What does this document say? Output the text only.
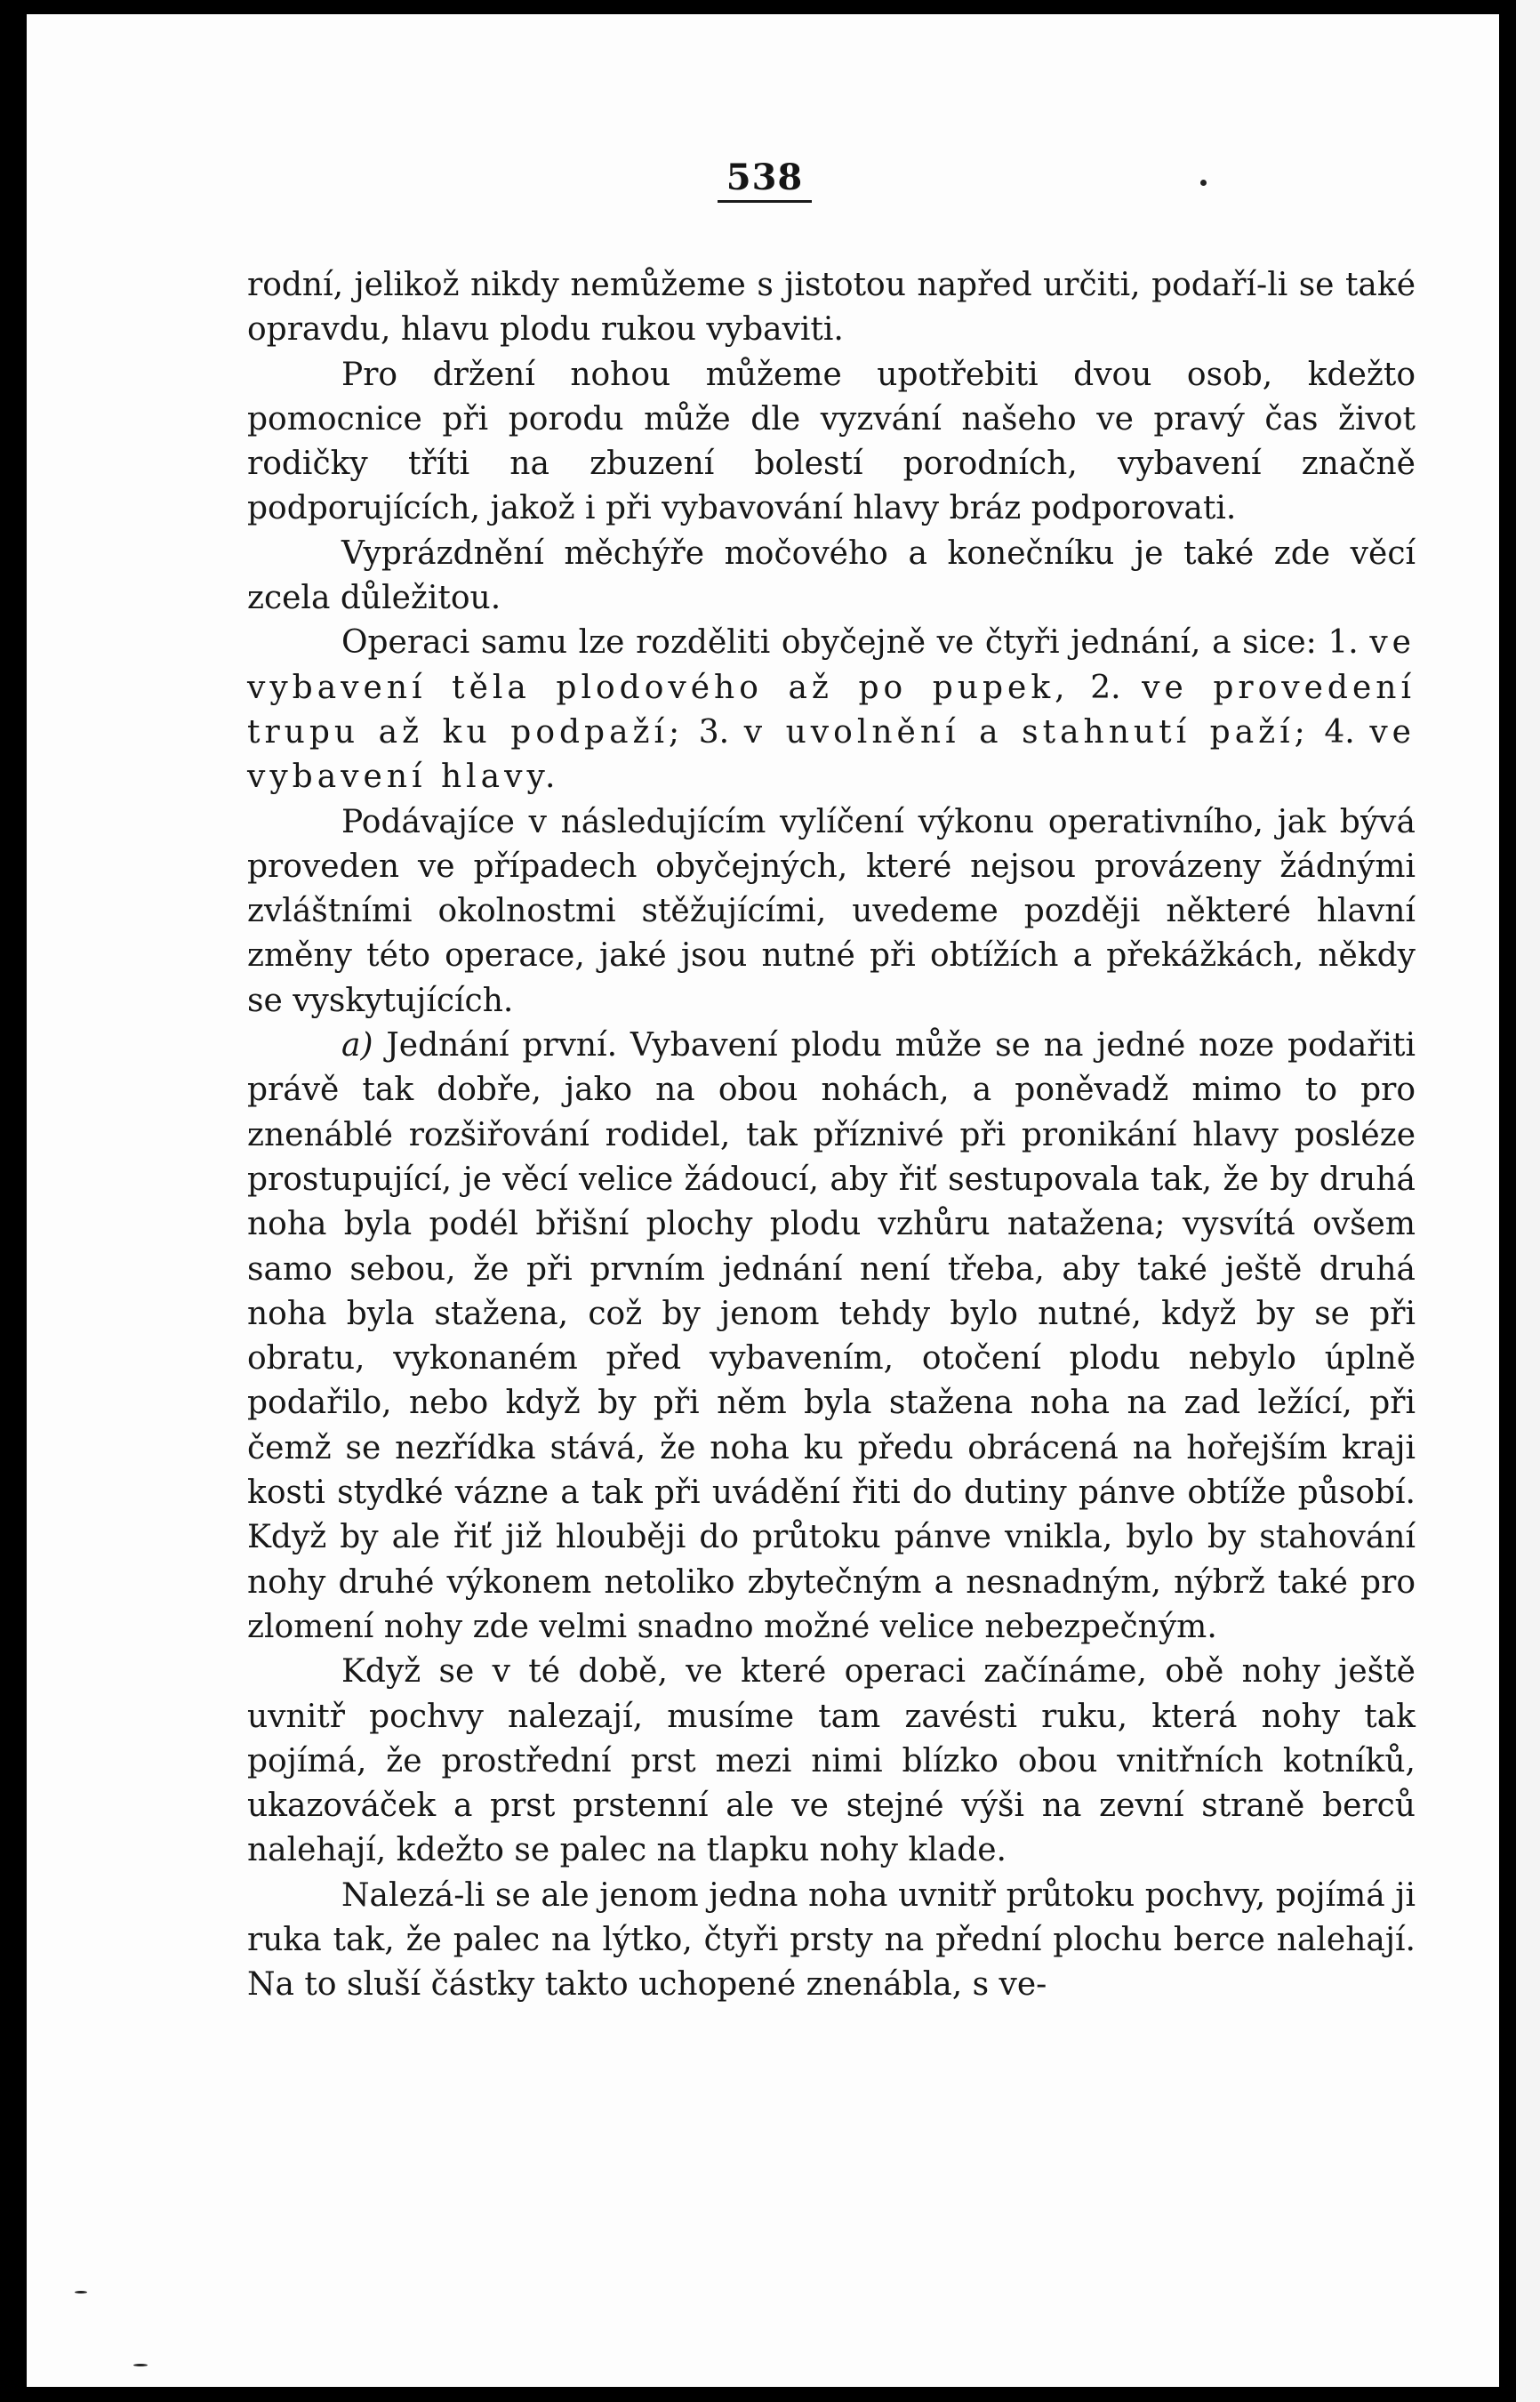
538

rodní, jelikož nikdy nemůžeme s jistotou napřed určiti, podaří-li se také opravdu, hlavu plodu rukou vybaviti.

Pro držení nohou můžeme upotřebiti dvou osob, kdežto pomocnice při porodu může dle vyzvání našeho ve pravý čas život rodičky tříti na zbuzení bolestí porodních, vybavení značně podporujících, jakož i při vybavování hlavy bráz podporovati.

Vyprázdnění měchýře močového a konečníku je také zde věcí zcela důležitou.

Operaci samu lze rozděliti obyčejně ve čtyři jednání, a sice: 1. ve vybavení těla plodového až po pupek, 2. ve provedení trupu až ku podpaží; 3. v uvolnění a stahnutí paží; 4. ve vybavení hlavy.

Podávajíce v následujícím vylíčení výkonu operativního, jak bývá proveden ve případech obyčejných, které nejsou provázeny žádnými zvláštními okolnostmi stěžujícími, uvedeme později některé hlavní změny této operace, jaké jsou nutné při obtížích a překážkách, někdy se vyskytujících.

a) Jednání první. Vybavení plodu může se na jedné noze podařiti právě tak dobře, jako na obou nohách, a poněvadž mimo to pro znenáblé rozšiřování rodidel, tak příznivé při pronikání hlavy posléze prostupující, je věcí velice žádoucí, aby řiť sestupovala tak, že by druhá noha byla podél břišní plochy plodu vzhůru natažena; vysvítá ovšem samo sebou, že při prvním jednání není třeba, aby také ještě druhá noha byla stažena, což by jenom tehdy bylo nutné, když by se při obratu, vykonaném před vybavením, otočení plodu nebylo úplně podařilo, nebo když by při něm byla stažena noha na zad ležící, při čemž se nezřídka stává, že noha ku předu obrácená na hořejším kraji kosti stydké vázne a tak při uvádění řiti do dutiny pánve obtíže působí. Když by ale řiť již hlouběji do průtoku pánve vnikla, bylo by stahování nohy druhé výkonem netoliko zbytečným a nesnadným, nýbrž také pro zlomení nohy zde velmi snadno možné velice nebezpečným.

Když se v té době, ve které operaci začínáme, obě nohy ještě uvnitř pochvy nalezají, musíme tam zavésti ruku, která nohy tak pojímá, že prostřední prst mezi nimi blízko obou vnitřních kotníků, ukazováček a prst prstenní ale ve stejné výši na zevní straně berců nalehají, kdežto se palec na tlapku nohy klade.

Nalezá-li se ale jenom jedna noha uvnitř průtoku pochvy, pojímá ji ruka tak, že palec na lýtko, čtyři prsty na přední plochu berce nalehají. Na to sluší částky takto uchopené znenábla, s ve-
